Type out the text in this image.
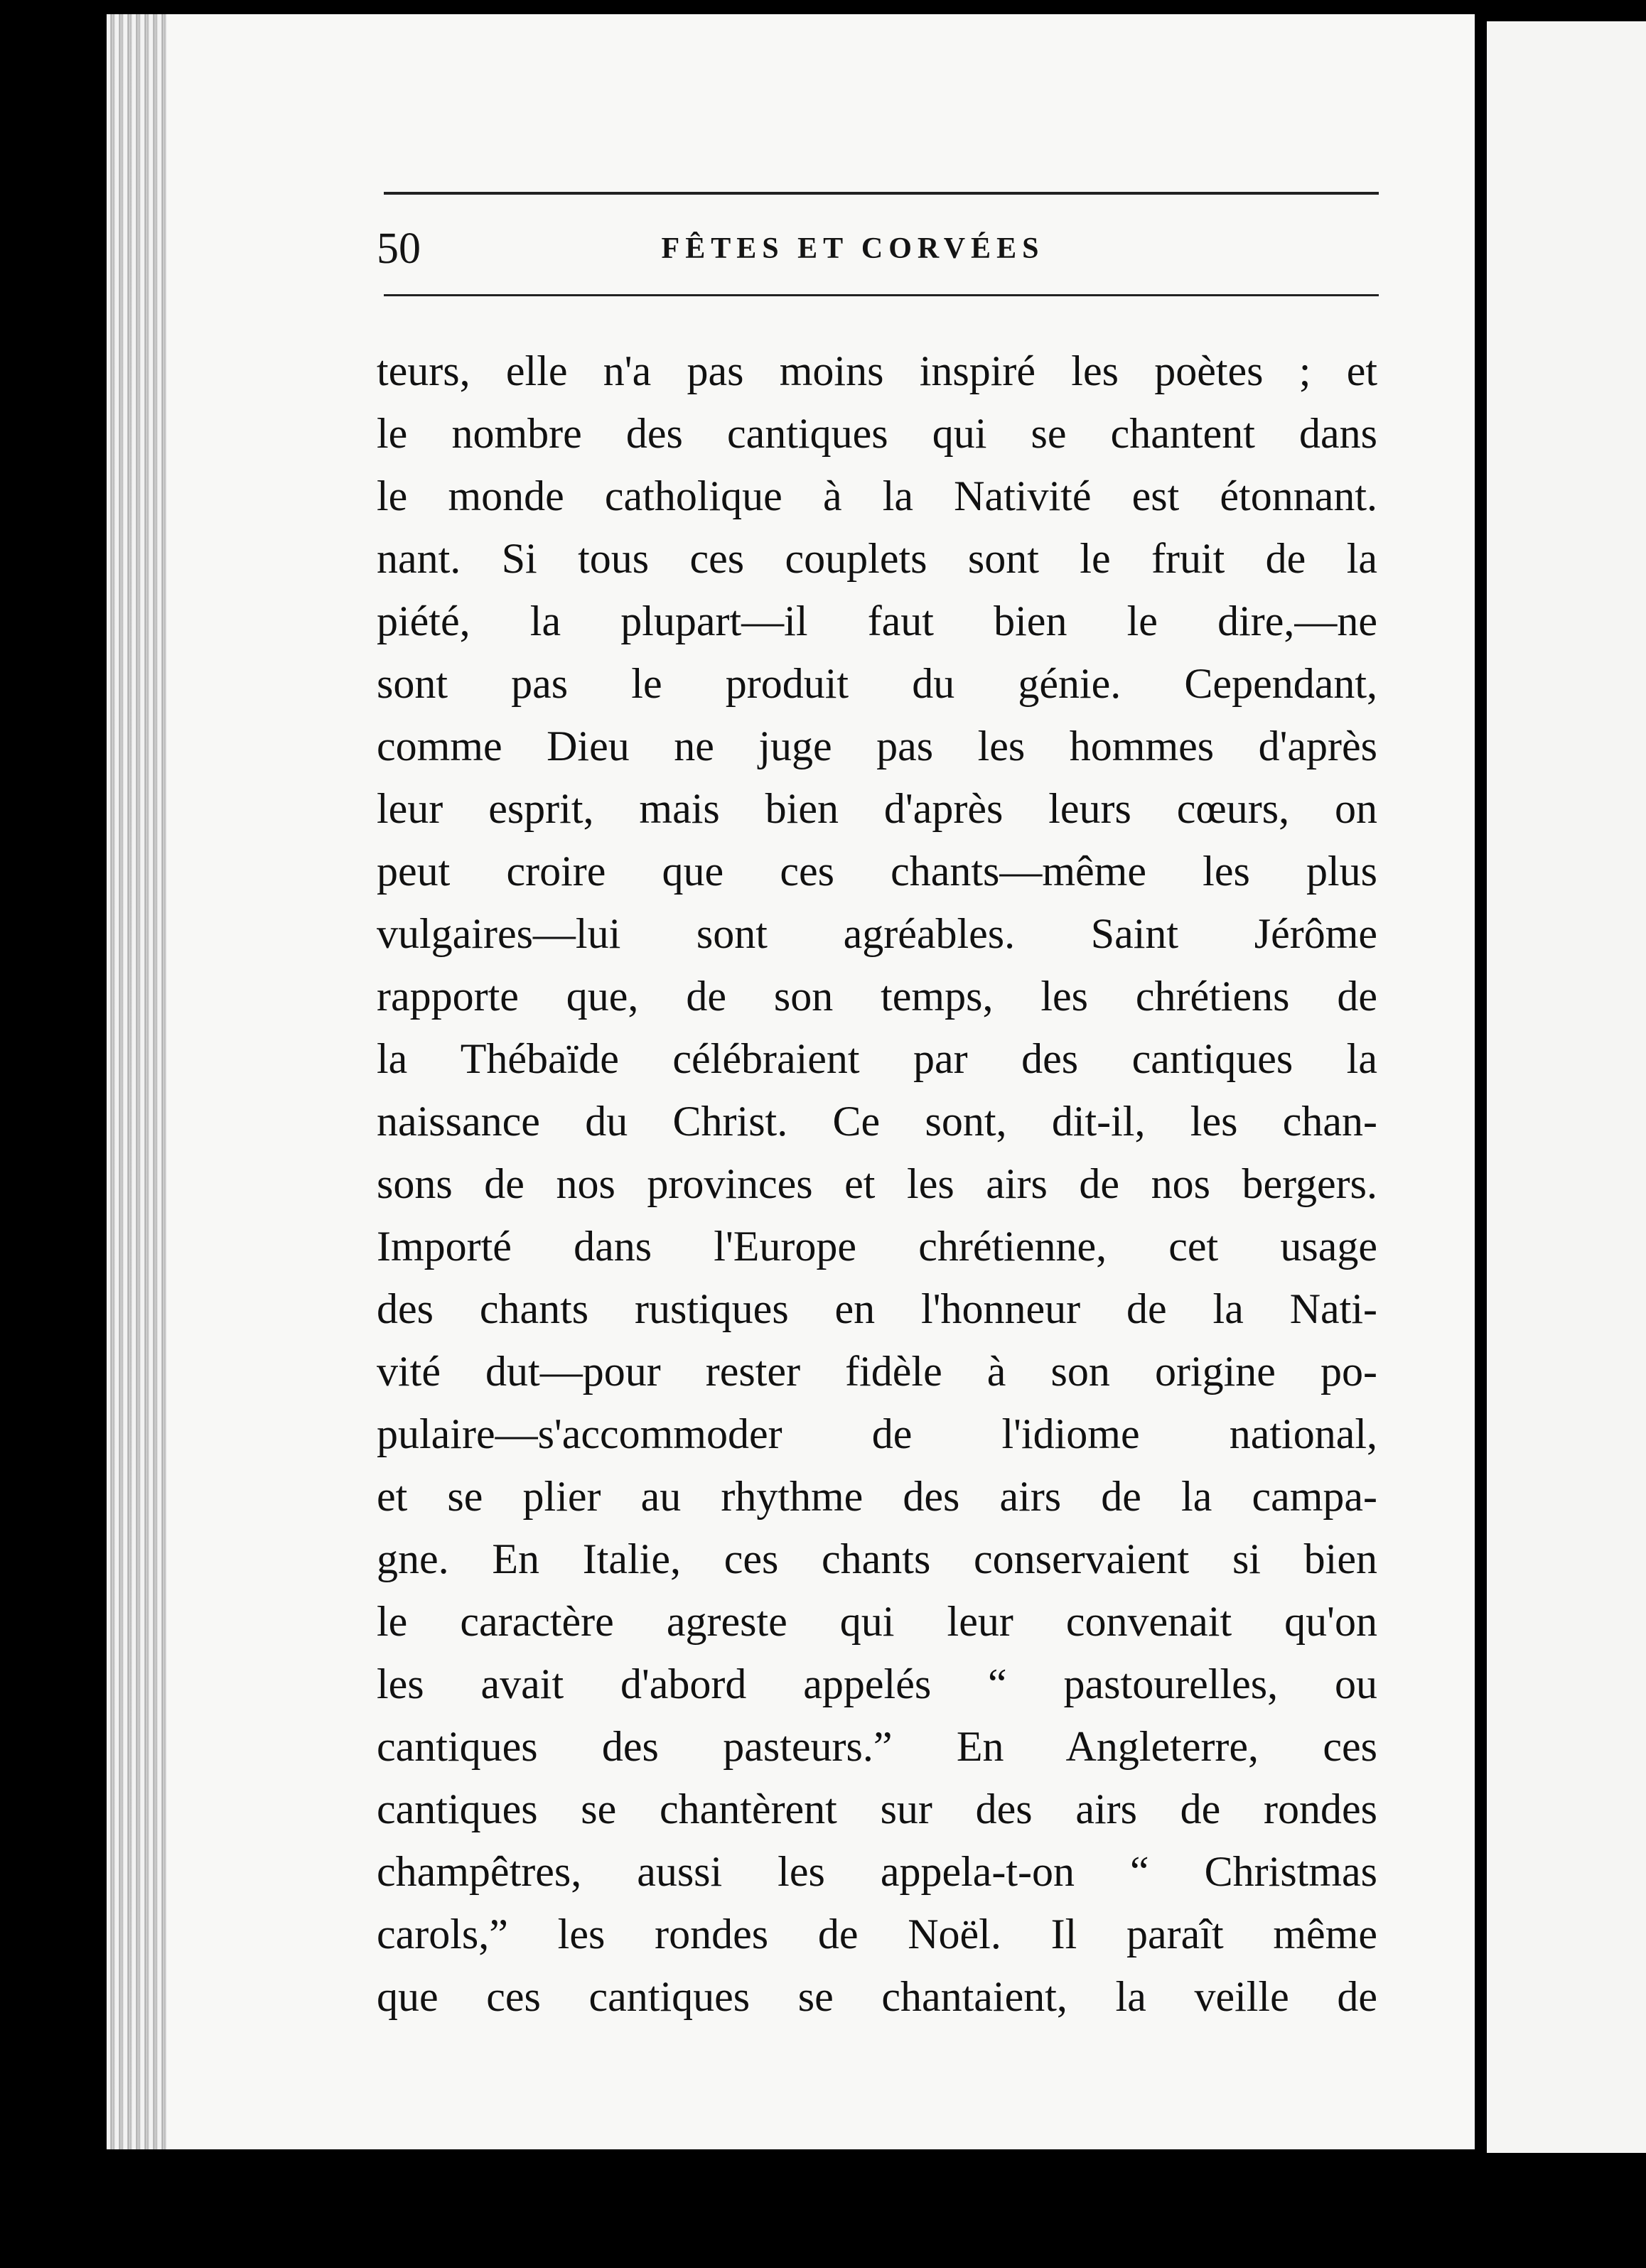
50	FÊTES ET CORVÉES
teurs, elle n'a pas moins inspiré les poètes ; et
le nombre des cantiques qui se chantent dans
le monde catholique à la Nativité est étonnant.
nant. Si tous ces couplets sont le fruit de la
piété, la plupart—il faut bien le dire,—ne
sont pas le produit du génie. Cependant,
comme Dieu ne juge pas les hommes d'après
leur esprit, mais bien d'après leurs cœurs, on
peut croire que ces chants—même les plus
vulgaires—lui sont agréables. Saint Jérôme
rapporte que, de son temps, les chrétiens de
la Thébaïde célébraient par des cantiques la
naissance du Christ. Ce sont, dit-il, les chan-
sons de nos provinces et les airs de nos bergers.
Importé dans l'Europe chrétienne, cet usage
des chants rustiques en l'honneur de la Nati-
vité dut—pour rester fidèle à son origine po-
pulaire—s'accommoder de l'idiome national,
et se plier au rhythme des airs de la campa-
gne. En Italie, ces chants conservaient si bien
le caractère agreste qui leur convenait qu'on
les avait d'abord appelés “ pastourelles, ou
cantiques des pasteurs.” En Angleterre, ces
cantiques se chantèrent sur des airs de rondes
champêtres, aussi les appela-t-on “ Christmas
carols,” les rondes de Noël. Il paraît même
que ces cantiques se chantaient, la veille de
